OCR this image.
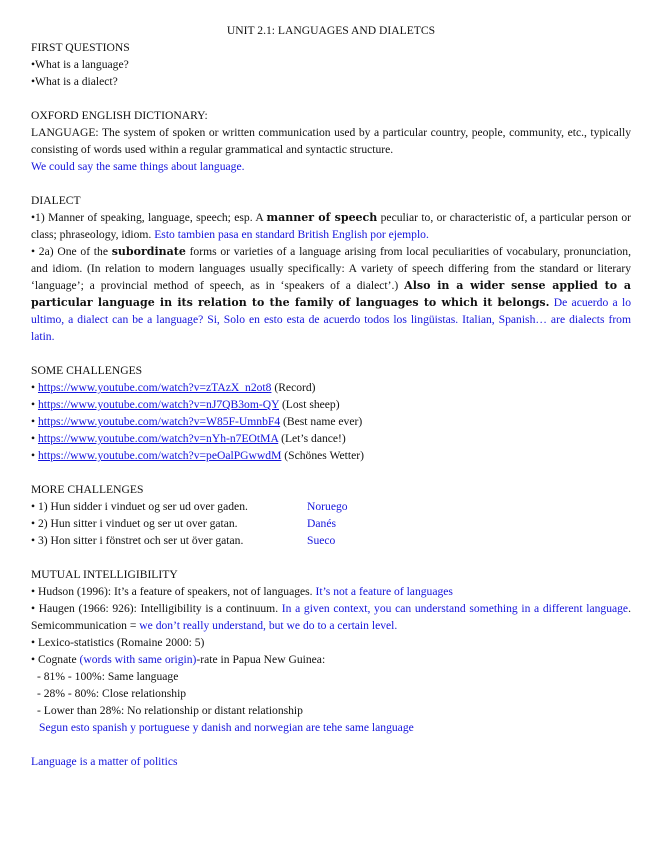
UNIT 2.1: LANGUAGES AND DIALETCS

FIRST QUESTIONS

•What is a language?

•What is a dialect?

OXFORD ENGLISH DICTIONARY:

LANGUAGE: The system of spoken or written communication used by a particular country, people, community, etc., typically consisting of words used within a regular grammatical and syntactic structure.

We could say the same things about language.

DIALECT

•1) Manner of speaking, language, speech; esp. A manner of speech peculiar to, or characteristic of, a particular person or class; phraseology, idiom. Esto tambien pasa en standard British English por ejemplo.

• 2a) One of the subordinate forms or varieties of a language arising from local peculiarities of vocabulary, pronunciation, and idiom. (In relation to modern languages usually specifically: A variety of speech differing from the standard or literary ‘language’; a provincial method of speech, as in ‘speakers of a dialect’.) Also in a wider sense applied to a particular language in its relation to the family of languages to which it belongs. De acuerdo a lo ultimo, a dialect can be a language? Si, Solo en esto esta de acuerdo todos los lingüistas. Italian, Spanish… are dialects from latin.

SOME CHALLENGES

• https://www.youtube.com/watch?v=zTAzX_n2ot8 (Record)

• https://www.youtube.com/watch?v=nJ7QB3om-QY (Lost sheep)

• https://www.youtube.com/watch?v=W85F-UmnbF4 (Best name ever)

• https://www.youtube.com/watch?v=nYh-n7EOtMA (Let’s dance!)

• https://www.youtube.com/watch?v=peOalPGwwdM (Schönes Wetter)

MORE CHALLENGES

• 1) Hun sidder i vinduet og ser ud over gaden.	Noruego
• 2) Hun sitter i vinduet og ser ut over gatan.	Danés
• 3) Hon sitter i fönstret och ser ut över gatan.	Sueco

MUTUAL INTELLIGIBILITY

• Hudson (1996): It’s a feature of speakers, not of languages. It’s not a feature of languages

• Haugen (1966: 926): Intelligibility is a continuum. In a given context, you can understand something in a different language. Semicommunication = we don’t really understand, but we do to a certain level.

• Lexico-statistics (Romaine 2000: 5)

• Cognate (words with same origin)-rate in Papua New Guinea:

- 81% - 100%: Same language

- 28% - 80%: Close relationship

- Lower than 28%: No relationship or distant relationship

Segun esto spanish y portuguese y danish and norwegian are tehe same language

Language is a matter of politics
